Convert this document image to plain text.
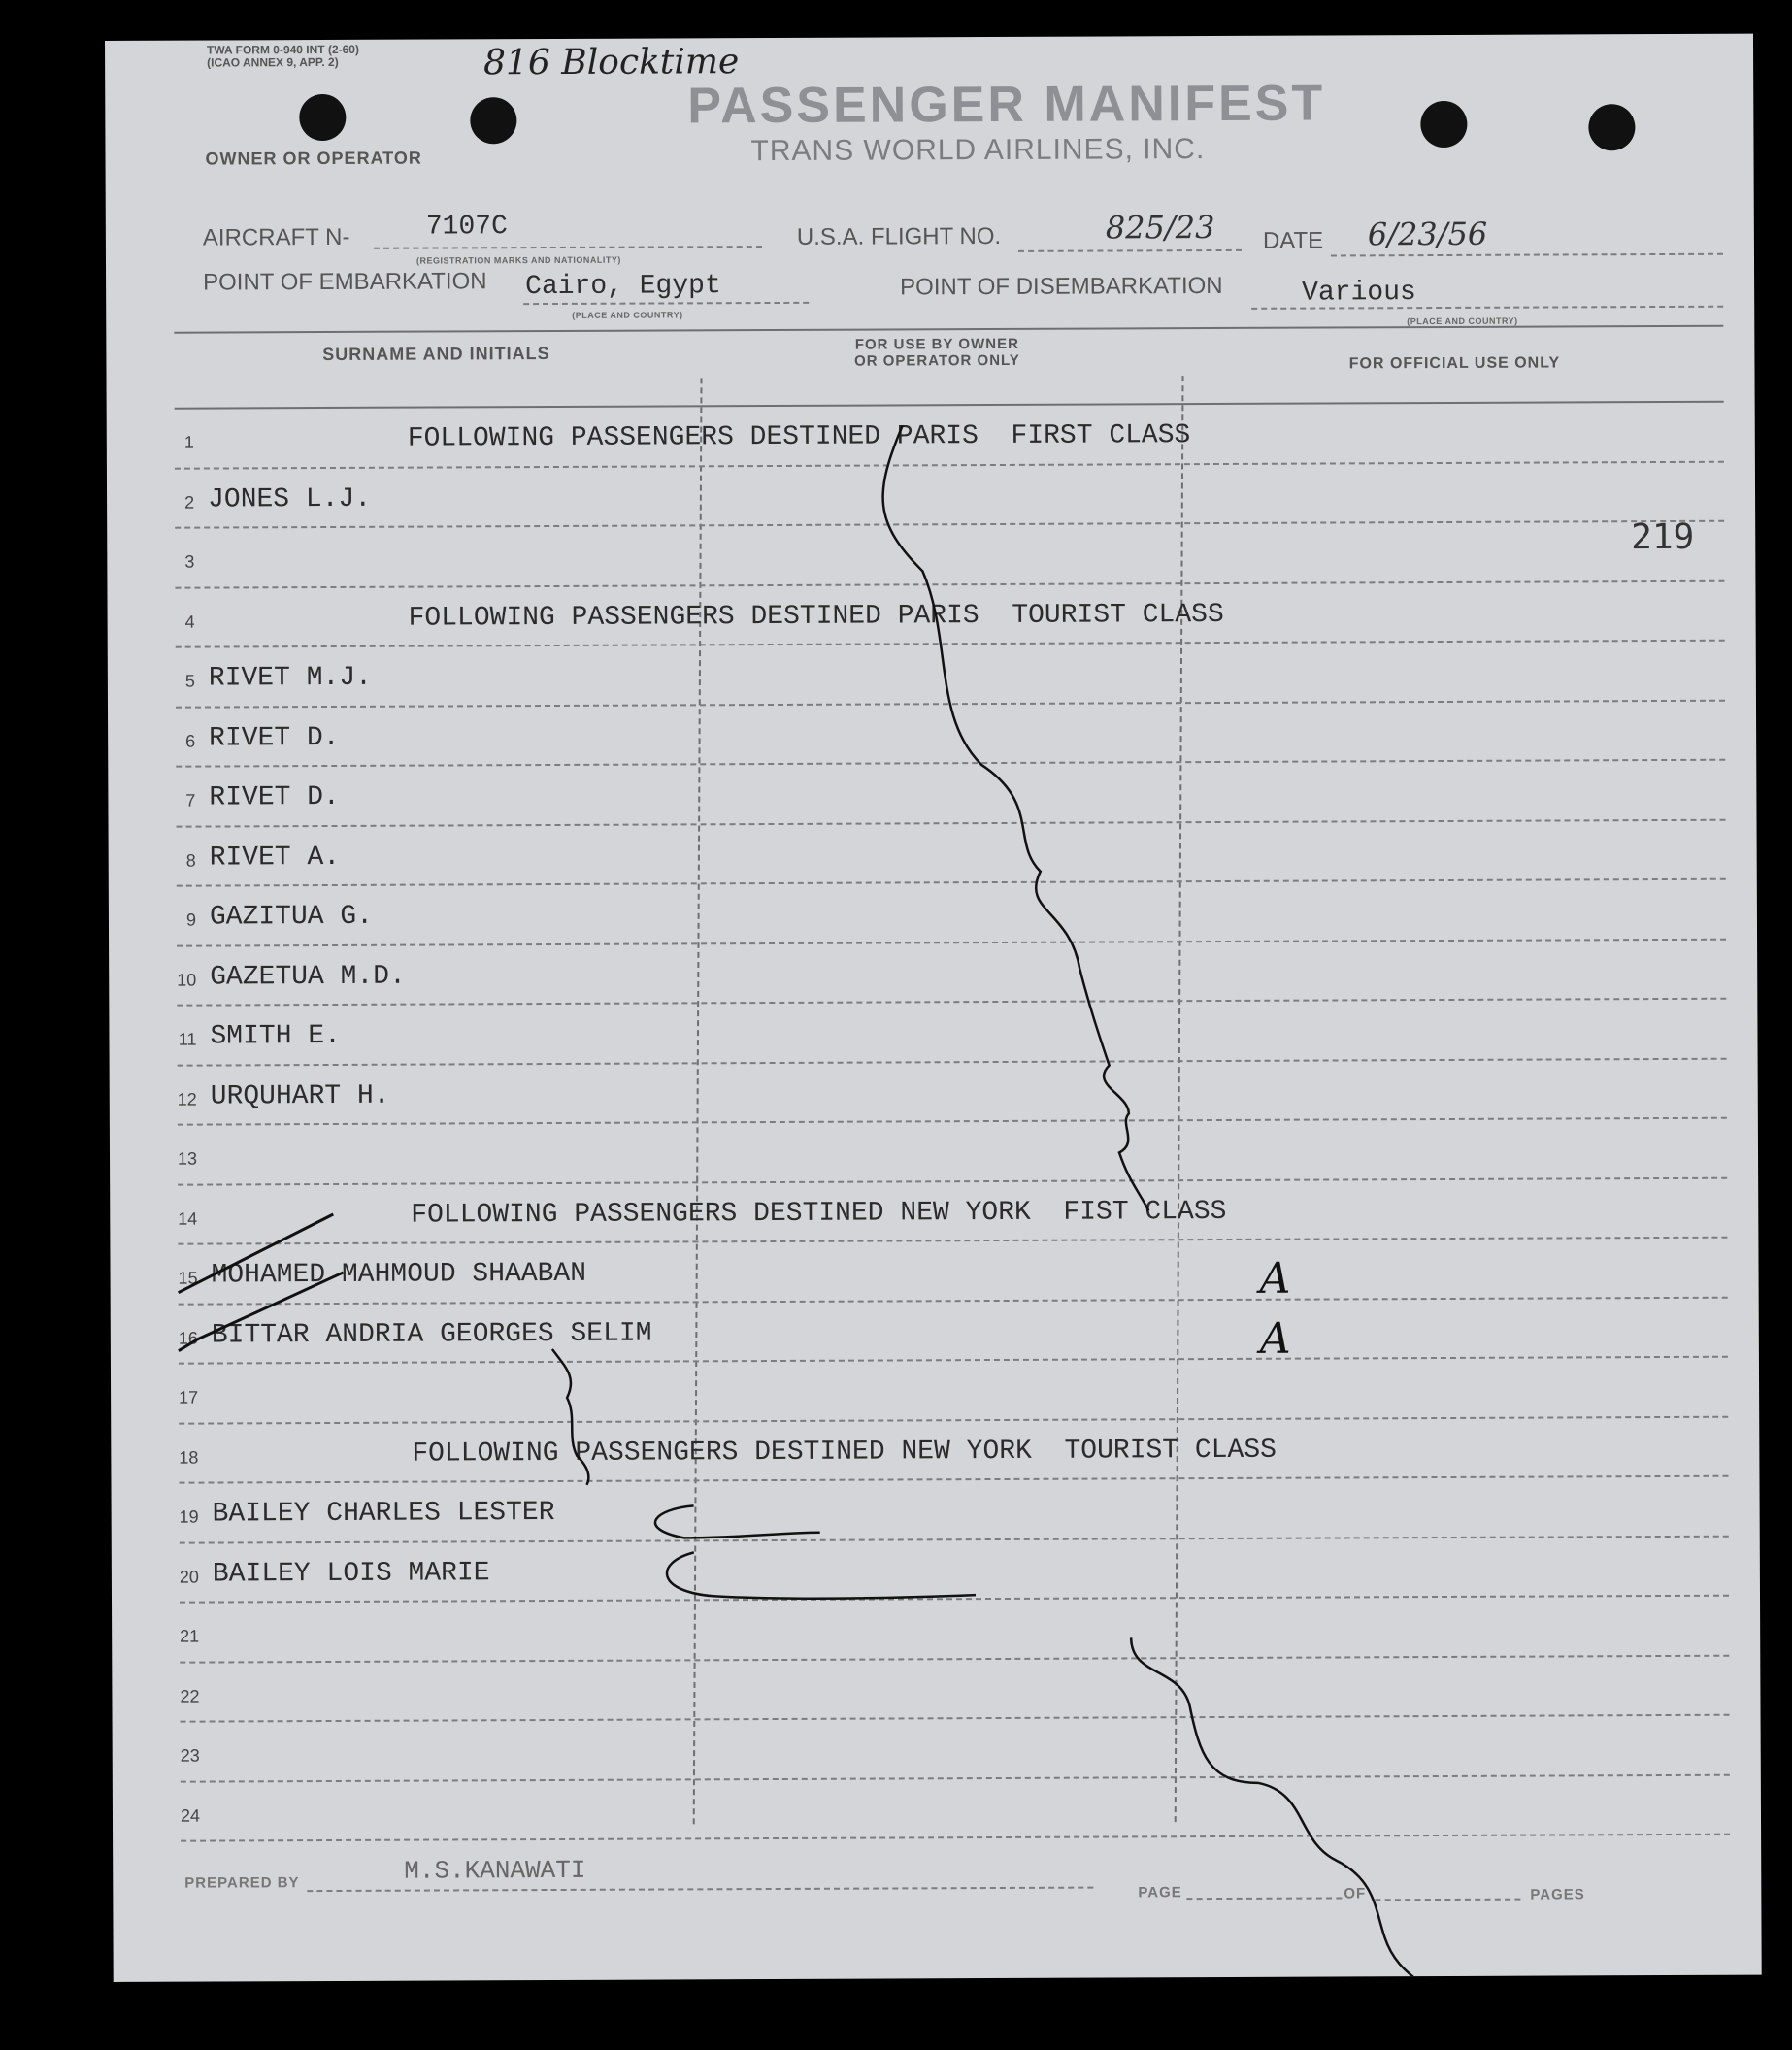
TWA FORM 0-940 INT (2-60)
(ICAO ANNEX 9, APP. 2)	816 Blocktime
PASSENGER MANIFEST
TRANS WORLD AIRLINES, INC.
OWNER OR OPERATOR
AIRCRAFT N-	7107C
(REGISTRATION MARKS AND NATIONALITY)
U.S.A. FLIGHT NO.	825/23 DATE 6/23/56
POINT OF EMBARKATION Cairo, Egypt
(PLACE AND COUNTRY)
POINT OF DISEMBARKATION	Various
(PLACE AND COUNTRY)
SURNAME AND INITIALS	FOR USE BY OWNER
OR OPERATOR ONLY	FOR OFFICIAL USE ONLY
1	FOLLOWING PASSENGERS DESTINED PARIS  FIRST CLASS
2 JONES L.J.
3
4	FOLLOWING PASSENGERS DESTINED PARIS  TOURIST CLASS
5 RIVET M.J.
6 RIVET D.
7 RIVET D.
8 RIVET A.
9 GAZITUA G.
10 GAZETUA M.D.
11 SMITH E.
12 URQUHART H.
13
14	FOLLOWING PASSENGERS DESTINED NEW YORK  FIST CLASS
15 MOHAMED MAHMOUD SHAABAN	A
16 BITTAR ANDRIA GEORGES SELIM	A
17
18	FOLLOWING PASSENGERS DESTINED NEW YORK  TOURIST CLASS
19 BAILEY CHARLES LESTER
20 BAILEY LOIS MARIE
21
22
23
24
219
PREPARED BY	M.S.KANAWATI
PAGE	OF	PAGES
